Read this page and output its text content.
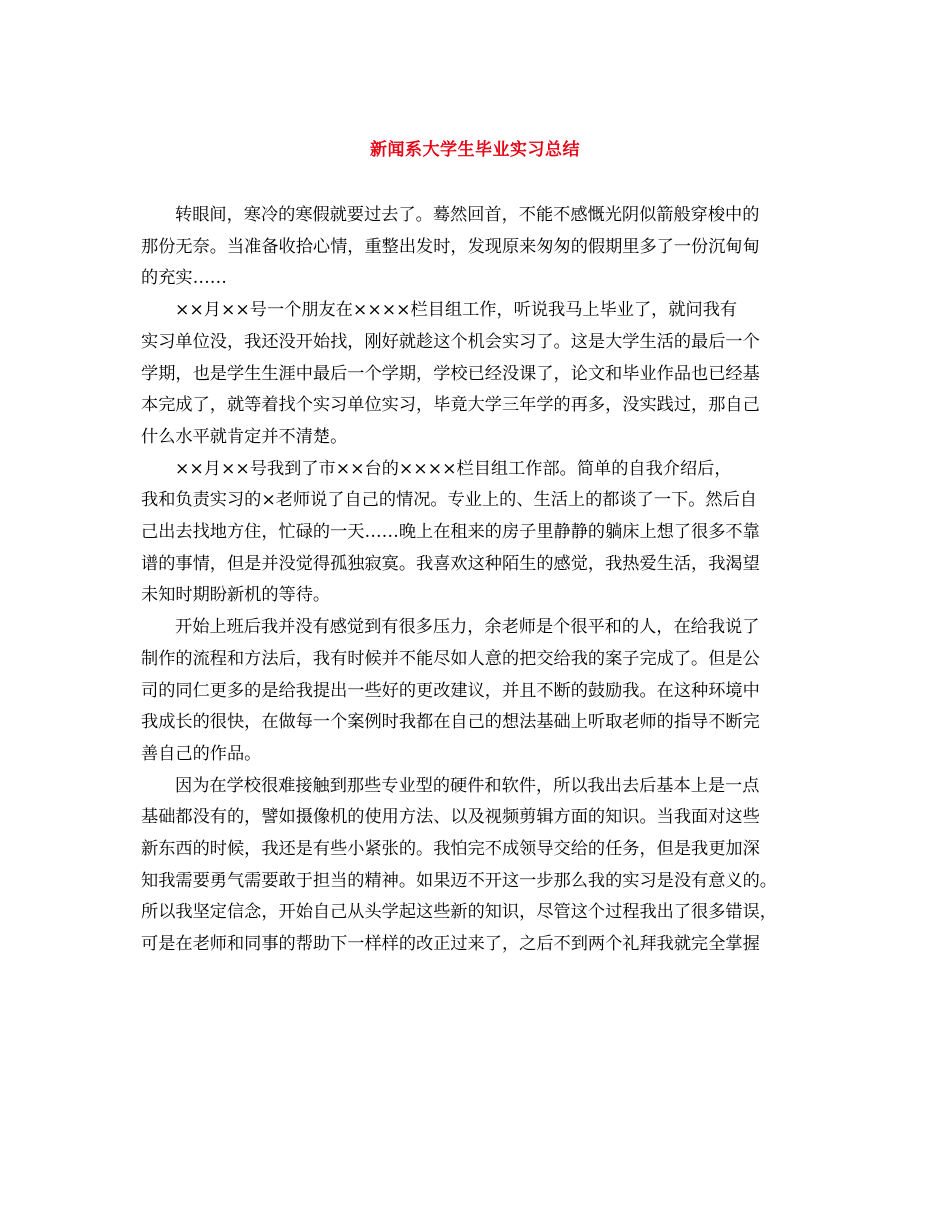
新闻系大学生毕业实习总结

转眼间，寒冷的寒假就要过去了。蓦然回首，不能不感慨光阴似箭般穿梭中的
那份无奈。当准备收拾心情，重整出发时，发现原来匆匆的假期里多了一份沉甸甸
的充实……

××月××号一个朋友在××××栏目组工作，听说我马上毕业了，就问我有
实习单位没，我还没开始找，刚好就趁这个机会实习了。这是大学生活的最后一个
学期，也是学生生涯中最后一个学期，学校已经没课了，论文和毕业作品也已经基
本完成了，就等着找个实习单位实习，毕竟大学三年学的再多，没实践过，那自己
什么水平就肯定并不清楚。

××月××号我到了市××台的××××栏目组工作部。简单的自我介绍后，
我和负责实习的×老师说了自己的情况。专业上的、生活上的都谈了一下。然后自
己出去找地方住，忙碌的一天……晚上在租来的房子里静静的躺床上想了很多不靠
谱的事情，但是并没觉得孤独寂寞。我喜欢这种陌生的感觉，我热爱生活，我渴望
未知时期盼新机的等待。

开始上班后我并没有感觉到有很多压力，余老师是个很平和的人，在给我说了
制作的流程和方法后，我有时候并不能尽如人意的把交给我的案子完成了。但是公
司的同仁更多的是给我提出一些好的更改建议，并且不断的鼓励我。在这种环境中
我成长的很快，在做每一个案例时我都在自己的想法基础上听取老师的指导不断完
善自己的作品。

因为在学校很难接触到那些专业型的硬件和软件，所以我出去后基本上是一点
基础都没有的，譬如摄像机的使用方法、以及视频剪辑方面的知识。当我面对这些
新东西的时候，我还是有些小紧张的。我怕完不成领导交给的任务，但是我更加深
知我需要勇气需要敢于担当的精神。如果迈不开这一步那么我的实习是没有意义的。
所以我坚定信念，开始自己从头学起这些新的知识，尽管这个过程我出了很多错误，
可是在老师和同事的帮助下一样样的改正过来了，之后不到两个礼拜我就完全掌握
